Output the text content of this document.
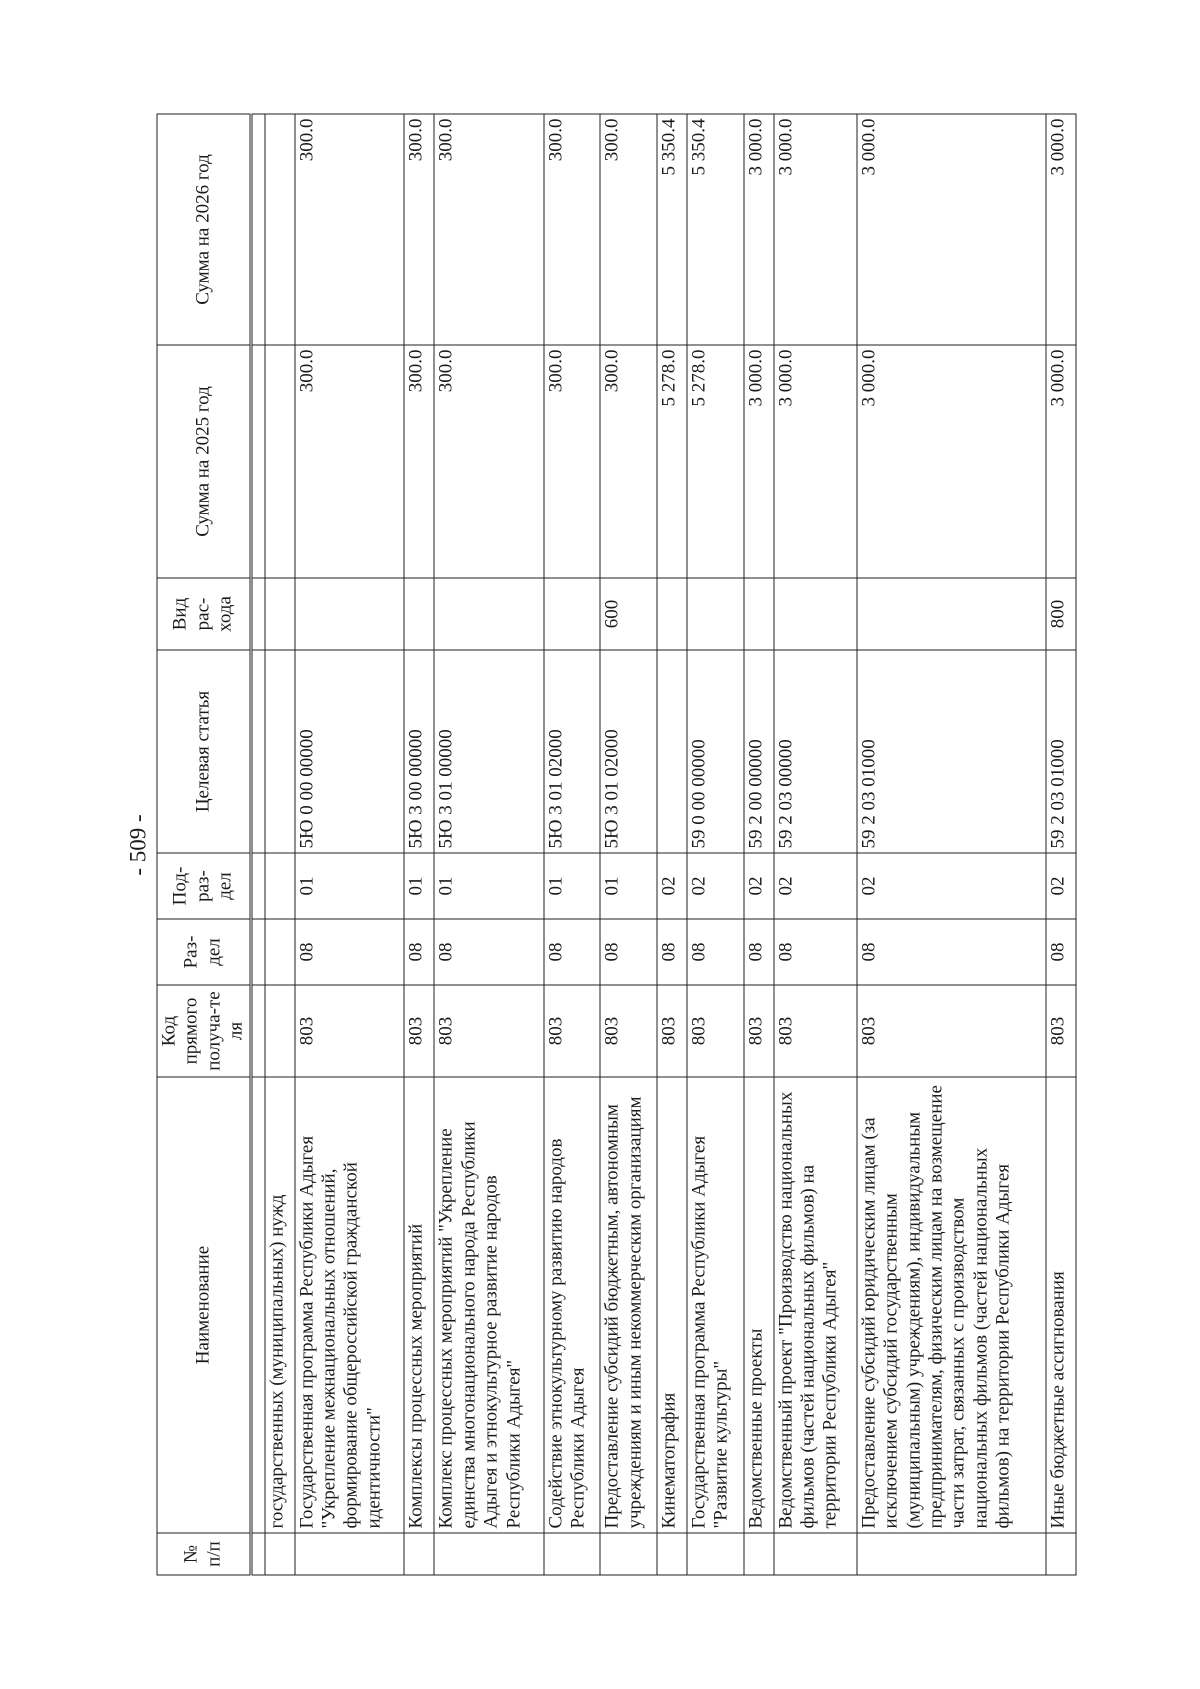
- 509 -
№ п/п	Наименование	Код прямого получа-те ля	Раз-дел	Под-раз-дел	Целевая статья	Вид рас-хода	Сумма на 2025 год	Сумма на 2026 год

	государственных (муниципальных) нужд							
	Государственная программа Республики Адыгея "Укрепление межнациональных отношений, формирование общероссийской гражданской идентичности"	803	08	01	5Ю 0 00 00000		300.0	300.0
	Комплексы процессных мероприятий	803	08	01	5Ю 3 00 00000		300.0	300.0
	Комплекс процессных мероприятий "Укрепление единства многонационального народа Республики Адыгея и этнокультурное развитие народов Республики Адыгея"	803	08	01	5Ю 3 01 00000		300.0	300.0
	Содействие этнокультурному развитию народов Республики Адыгея	803	08	01	5Ю 3 01 02000		300.0	300.0
	Предоставление субсидий бюджетным, автономным учреждениям и иным некоммерческим организациям	803	08	01	5Ю 3 01 02000	600	300.0	300.0
	Кинематография	803	08	02			5 278.0	5 350.4
	Государственная программа Республики Адыгея "Развитие культуры"	803	08	02	59 0 00 00000		5 278.0	5 350.4
	Ведомственные проекты	803	08	02	59 2 00 00000		3 000.0	3 000.0
	Ведомственный проект "Производство национальных фильмов (частей национальных фильмов) на территории Республики Адыгея"	803	08	02	59 2 03 00000		3 000.0	3 000.0
	Предоставление субсидий юридическим лицам (за исключением субсидий государственным (муниципальным) учреждениям), индивидуальным предпринимателям, физическим лицам на возмещение части затрат, связанных с производством национальных фильмов (частей национальных фильмов) на территории Республики Адыгея	803	08	02	59 2 03 01000		3 000.0	3 000.0
	Иные бюджетные ассигнования	803	08	02	59 2 03 01000	800	3 000.0	3 000.0
